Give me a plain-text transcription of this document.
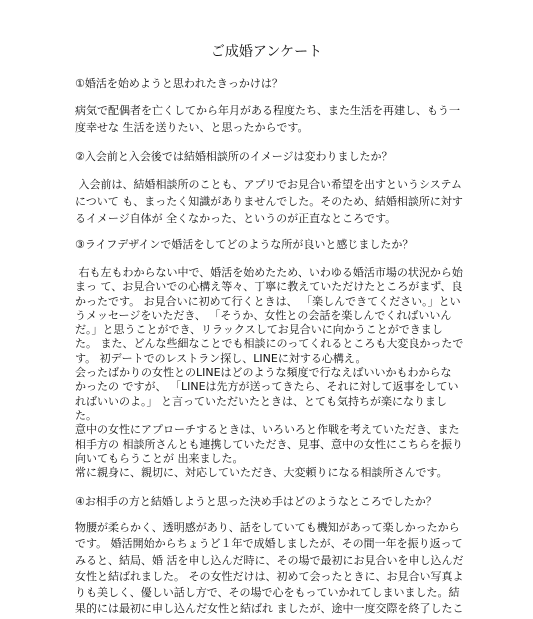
ご成婚アンケート
①婚活を始めようと思われたきっかけは？
病気で配偶者を亡くしてから年月がある程度たち、また生活を再建し、もう一
度幸せな 生活を送りたい、と思ったからです。
②入会前と入会後では結婚相談所のイメージは変わりましたか？
入会前は、結婚相談所のことも、アプリでお見合い希望を出すというシステム
について も、まったく知識がありませんでした。そのため、結婚相談所に対す
るイメージ自体が 全くなかった、というのが正直なところです。
③ライフデザインで婚活をしてどのような所が良いと感じましたか？
右も左もわからない中で、婚活を始めたため、いわゆる婚活市場の状況から始
まっ て、お見合いでの心構え等々、丁寧に教えていただけたところがまず、良
かったです。 お見合いに初めて行くときは、 「楽しんできてください。」とい
うメッセージをいただき、 「そうか、女性との会話を楽しんでくればいいん
だ。」と思うことができ、リラックスしてお見合いに向かうことができまし
た。 また、どんな些細なことでも相談にのってくれるところも大変良かったで
す。 初デートでのレストラン探し、LINEに対する心構え。
会ったばかりの女性とのLINEはどのような頻度で行なえばいいかもわからな
かったの ですが、 「LINEは先方が送ってきたら、それに対して返事をしてい
ればいいのよ。」 と言っていただいたときは、とても気持ちが楽になりまし
た。
意中の女性にアプローチするときは、いろいろと作戦を考えていただき、また
相手方の 相談所さんとも連携していただき、見事、意中の女性にこちらを振り
向いてもらうことが 出来ました。
常に親身に、親切に、対応していただき、大変頼りになる相談所さんです。
④お相手の方と結婚しようと思った決め手はどのようなところでしたか？
物腰が柔らかく、透明感があり、話をしていても機知があって楽しかったから
です。 婚活開始からちょうど１年で成婚しましたが、その間一年を振り返って
みると、結局、婚 活を申し込んだ時に、その場で最初にお見合いを申し込んだ
女性と結ばれました。 その女性だけは、初めて会ったときに、お見合い写真よ
りも美しく、優しい話し方で、その場で心をもっていかれてしまいました。結
果的には最初に申し込んだ女性と結ばれ ましたが、途中一度交際を終了したこ
